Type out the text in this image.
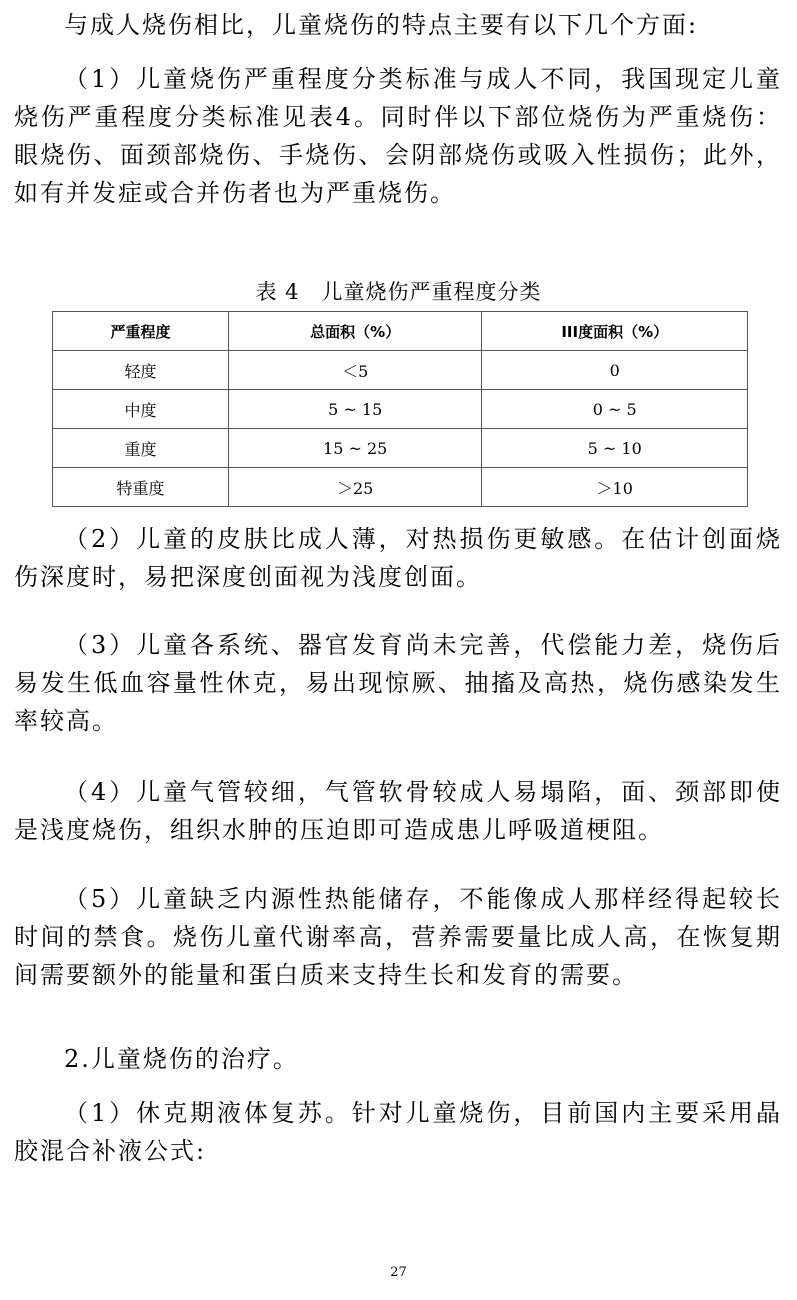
与成人烧伤相比，儿童烧伤的特点主要有以下几个方面:

（1）儿童烧伤严重程度分类标准与成人不同，我国现定儿童烧伤严重程度分类标准见表4。同时伴以下部位烧伤为严重烧伤：眼烧伤、面颈部烧伤、手烧伤、会阴部烧伤或吸入性损伤；此外，如有并发症或合并伤者也为严重烧伤。

表 4　儿童烧伤严重程度分类
严重程度	总面积（%）	III度面积（%）
轻度	＜5	0
中度	5 ~ 15	0 ~ 5
重度	15 ~ 25	5 ~ 10
特重度	＞25	＞10

（2）儿童的皮肤比成人薄，对热损伤更敏感。在估计创面烧伤深度时，易把深度创面视为浅度创面。

（3）儿童各系统、器官发育尚未完善，代偿能力差，烧伤后易发生低血容量性休克，易出现惊厥、抽搐及高热，烧伤感染发生率较高。

（4）儿童气管较细，气管软骨较成人易塌陷，面、颈部即使是浅度烧伤，组织水肿的压迫即可造成患儿呼吸道梗阻。

（5）儿童缺乏内源性热能储存，不能像成人那样经得起较长时间的禁食。烧伤儿童代谢率高，营养需要量比成人高，在恢复期间需要额外的能量和蛋白质来支持生长和发育的需要。

2.儿童烧伤的治疗。

（1）休克期液体复苏。针对儿童烧伤，目前国内主要采用晶胶混合补液公式:

27
